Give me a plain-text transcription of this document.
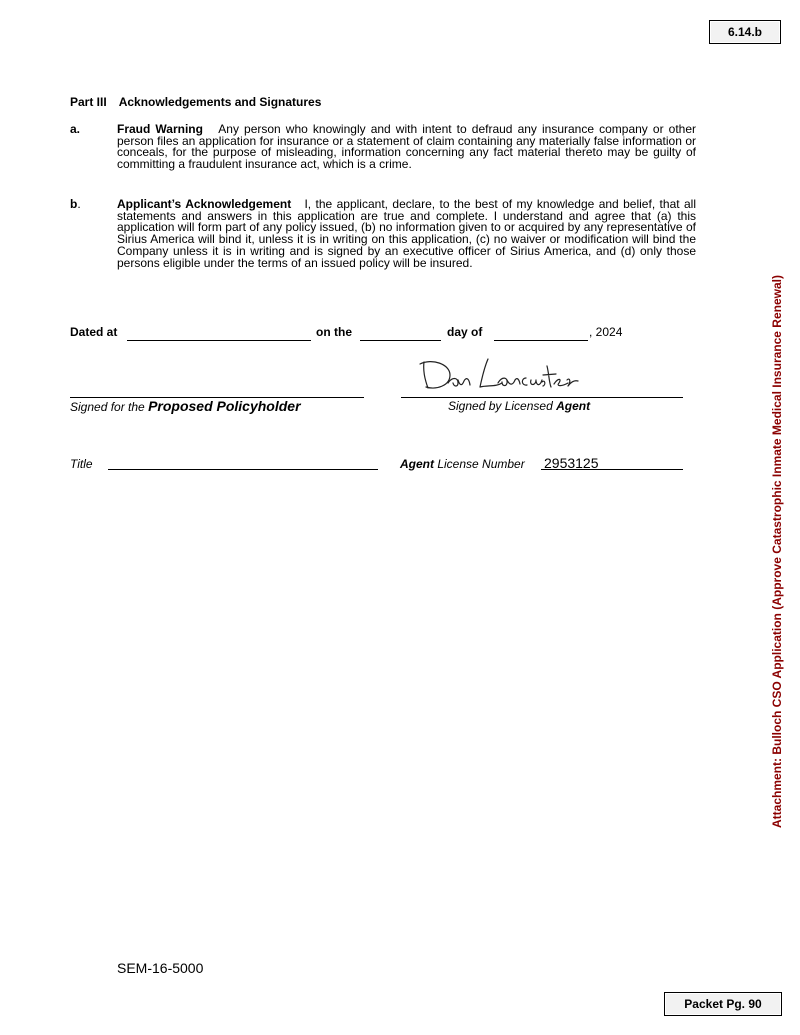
6.14.b
Packet Pg. 90
Part III Acknowledgements and Signatures
a.	Fraud Warning Any person who knowingly and with intent to defraud any insurance company or other person files an application for insurance or a statement of claim containing any materially false information or conceals, for the purpose of misleading, information concerning any fact material thereto may be guilty of committing a fraudulent insurance act, which is a crime.
b.	Applicant’s Acknowledgement I, the applicant, declare, to the best of my knowledge and belief, that all statements and answers in this application are true and complete. I understand and agree that (a) this application will form part of any policy issued, (b) no information given to or acquired by any representative of Sirius America will bind it, unless it is in writing on this application, (c) no waiver or modification will bind the Company unless it is in writing and is signed by an executive officer of Sirius America, and (d) only those persons eligible under the terms of an issued policy will be insured.
Dated at	on the	day of	, 2024
Signed for the Proposed Policyholder	Signed by Licensed Agent
Title	Agent License Number 2953125	Attachment: Bulloch CSO Application (Approve Catastrophic Inmate Medical Insurance Renewal)
SEM-16-5000
